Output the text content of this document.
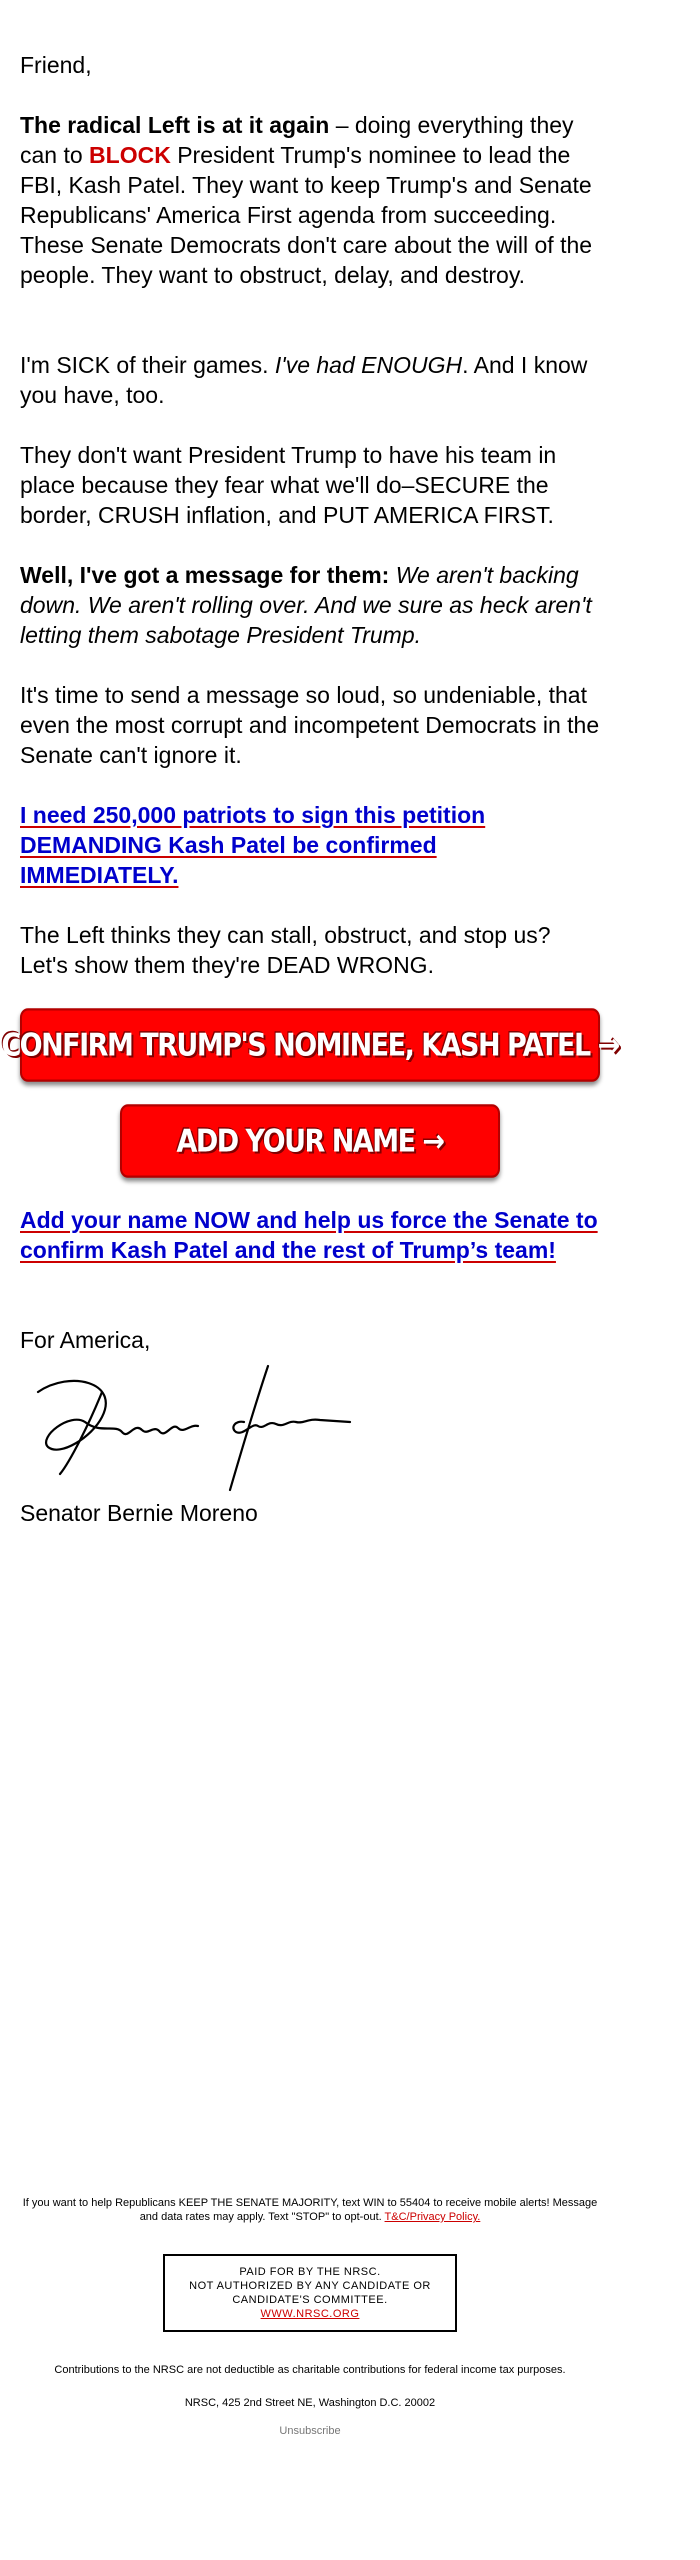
Friend,

The radical Left is at it again – doing everything they can to BLOCK President Trump's nominee to lead the FBI, Kash Patel. They want to keep Trump's and Senate Republicans' America First agenda from succeeding. These Senate Democrats don't care about the will of the people. They want to obstruct, delay, and destroy.

I'm SICK of their games. I've had ENOUGH. And I know you have, too.

They don't want President Trump to have his team in place because they fear what we'll do–SECURE the border, CRUSH inflation, and PUT AMERICA FIRST.

Well, I've got a message for them: We aren't backing down. We aren't rolling over. And we sure as heck aren't letting them sabotage President Trump.

It's time to send a message so loud, so undeniable, that even the most corrupt and incompetent Democrats in the Senate can't ignore it.

I need 250,000 patriots to sign this petition DEMANDING Kash Patel be confirmed IMMEDIATELY.

The Left thinks they can stall, obstruct, and stop us? Let's show them they're DEAD WRONG.

CONFIRM TRUMP'S NOMINEE, KASH PATEL →
ADD YOUR NAME →
Add your name NOW and help us force the Senate to confirm Kash Patel and the rest of Trump’s team!

For America,

Senator Bernie Moreno

If you want to help Republicans KEEP THE SENATE MAJORITY, text WIN to 55404 to receive mobile alerts! Message and data rates may apply. Text "STOP" to opt-out. T&C/Privacy Policy.
PAID FOR BY THE NRSC.
NOT AUTHORIZED BY ANY CANDIDATE OR CANDIDATE'S COMMITTEE.
WWW.NRSC.ORG
Contributions to the NRSC are not deductible as charitable contributions for federal income tax purposes.
NRSC, 425 2nd Street NE, Washington D.C. 20002
Unsubscribe
